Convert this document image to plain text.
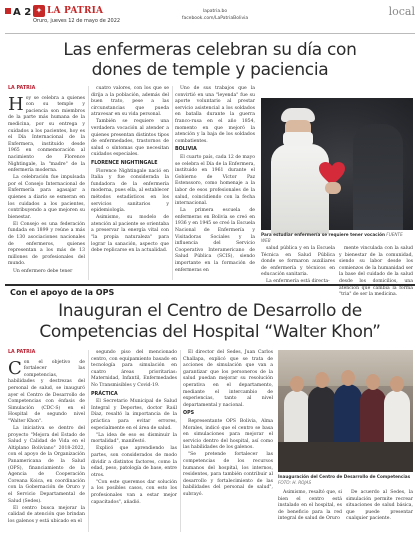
A 2 ✦ LA PATRIA
Oruro, jueves 12 de mayo de 2022
lapatria.bo
facebook.com/LaPatriaBolivia
local
Las enfermeras celebran su día con
dones de temple y paciencia
LA PATRIA
H oy se celebra a quienes con su temple y paciencia son miembros de la parte más humana de la medicina, por su entrega y cuidados a los pacientes, hoy es el Día Internacional de la Enfermera, instituido desde 1965 en conmemoración al nacimiento de Florence Nightingale, la "madre" de la enfermería moderna.

La celebración fue impulsada por el Consejo Internacional de Enfermería para agasajar a quienes a diario se esmeran en los cuidados a los pacientes, contribuyendo a que mejoren su bienestar.

El Consejo es una federación fundada en 1899 y reúne a más de 130 asociaciones nacionales de enfermeros, quienes representan a los más de 13 millones de profesionales del mundo.

Un enfermero debe tener

cuatro valores, con los que se dirija a la población, además del buen trato, pese a las circunstancias que pueda atravesar en su vida personal.

También se requiere una verdadera vocación al atender a quienes presentan distintos tipos de enfermedades, trastornos de salud o síntomas que necesitan cuidados especiales.

FLORENCE NIGHTINGALE

Florence Nightingale nació en Italia y fue considerada la fundadora de la enfermería moderna, pues ella, al establecer métodos estadísticos en los servicios sanitarios y epidemiología.

Asimismo, su modelo de atención al paciente se orientaba a preservar la energía vital con "la propia naturaleza" para lograr la sanación, aspecto que debe replicarse en la actualidad.

Uno de sus trabajos que la convirtió en una "leyenda" fue su aporte voluntario al prestar servicio asistencial a los soldados en batalla durante la guerra franco-rusa en el año 1854, momento en que mejoró la atención y la baja de los soldados combatientes.

BOLIVIA

El cuarto país, cada 12 de mayo se celebra el Día de la Enfermera, instituido en 1961 durante el Gobierno de Víctor Paz Estenssoro, como homenaje a la labor de esos profesionales de la salud, coincidiendo con la fecha internacional.

La primera escuela de enfermeras en Bolivia se creó en 1936 y en 1945 se creó la Escuela Nacional de Enfermería y Visitadoras Sociales y la influencia del Servicio Cooperativo Interamericano de Salud Pública (SCIS), siendo importante en la formación de enfermeras en

Para estudiar enfermería se requiere tener vocación FUENTE WEB

salud pública y en la Escuela Técnica en Salud Pública donde se formaron auxiliares de enfermería y técnicos en educación sanitaria.

La enfermería está directa-

mente vinculada con la salud y bienestar de la comunidad, siendo su labor desde los comienzos de la humanidad ser la base del cuidado de la salud desde los domicilios, una atención que cambia la forma "tria" de ser la medicina.

Con el apoyo de la OPS
Inauguran el Centro de Desarrollo de
Competencias del Hospital “Walter Khon”
LA PATRIA
C on el objetivo de fortalecer las competencias, habilidades y destrezas del personal de salud, se inauguró ayer el Centro de Desarrollo de Competencias con énfasis de Simulación (CDC-S) en el Hospital de segundo nivel "Walter Khon".

La iniciativa se dentro del proyecto "Mejora del Estado de Salud y Calidad de Vida en el Altiplano Boliviano" 2018-2022, con el apoyo de la Organización Panamericana de la Salud (OPS), financiamiento de la Agencia de Cooperación Coreana Koica, en coordinación con la Gobernación de Oruro y el Servicio Departamental de Salud (Sedes).

El centro busca mejorar la calidad de atención que brindan los galenos y está ubicado en el

segundo piso del mencionado centro, con equipamiento basado en tecnología para simulación en cuatro áreas prioritarias: Maternidad, Infantil, Enfermedades No Transmisibles y Covid-19.

PRÁCTICA

El Secretario Municipal de Salud Integral y Deportes, doctor Raúl Díaz, resaltó la importancia de la práctica para evitar errores, especialmente en el área de salud.

"La idea de eso es disminuir la mortalidad", manifestó.

Explicó que aprendiendo las partes, son considerados de modo dividir a distintos factores, como la edad, peso, patología de base, entre otros.

"Con este queremos dar solución a los posibles casos, con esto los profesionales van a estar mejor capacitados", añadió.

El director del Sedes, Juan Carlos Challapa, explicó que se trata de acciones de simulación que van a garantizar que los personeros de la salud puedan mejorar su resolución operativa en el departamento, mediante el intercambio de experiencias, tanto al nivel departamental y nacional.

OPS

Representante OPS Bolivia, Alma Morales, indicó que el centro se basa en simulaciones para mejorar el servicio dentro del hospital, así como las habilidades de los galenos.

"Se pretende fortalecer las competencias de los recursos humanos del hospital, los internos, residentes, para también contribuir al desarrollo y fortalecimiento de las habilidades del personal de salud", subrayó.

Inauguración del Centro de Desarrollo de Competencias
FOTO: H. ROJAS

Asimismo, resaltó que, si bien el centro está instalado en el hospital, es de beneficio para la red integral de salud de Oruro

De acuerdo al Sedes, la simulación permite recrear situaciones de salud básica, que puede presentar cualquier paciente.
